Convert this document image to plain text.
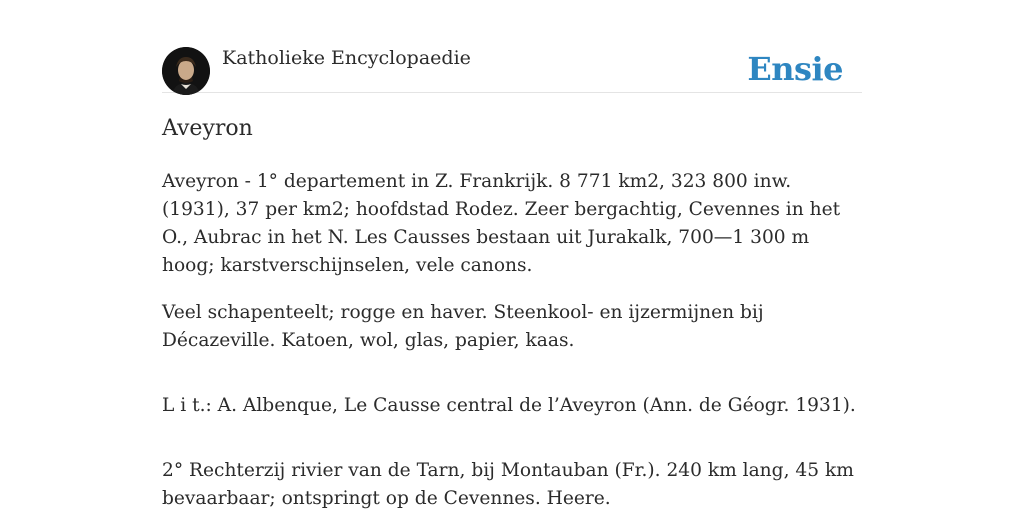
Katholieke Encyclopaedie	Ensie
Aveyron

Aveyron - 1° departement in Z. Frankrijk. 8 771 km2, 323 800 inw. (1931), 37 per km2; hoofdstad Rodez. Zeer bergachtig, Cevennes in het O., Aubrac in het N. Les Causses bestaan uit Jurakalk, 700—1 300 m hoog; karstverschijnselen, vele canons.

Veel schapenteelt; rogge en haver. Steenkool- en ijzermijnen bij Décazeville. Katoen, wol, glas, papier, kaas.

L i t.: A. Albenque, Le Causse central de l’Aveyron (Ann. de Géogr. 1931).

2° Rechterzij rivier van de Tarn, bij Montauban (Fr.). 240 km lang, 45 km bevaarbaar; ontspringt op de Cevennes. Heere.
